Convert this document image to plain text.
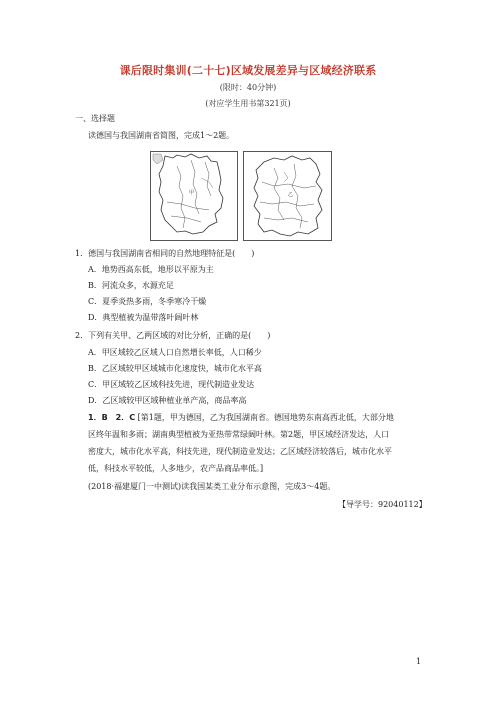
课后限时集训(二十七)区域发展差异与区域经济联系
(限时：40分钟)
(对应学生用书第321页)
一、选择题
读德国与我国湖南省简图，完成1～2题。
甲	乙
1．德国与我国湖南省相同的自然地理特征是(　　)
A．地势西高东低，地形以平原为主
B．河流众多，水源充足
C．夏季炎热多雨，冬季寒冷干燥
D．典型植被为温带落叶阔叶林
2．下列有关甲、乙两区域的对比分析，正确的是(　　)
A．甲区域较乙区域人口自然增长率低，人口稀少
B．乙区域较甲区域城市化速度快，城市化水平高
C．甲区域较乙区域科技先进，现代制造业发达
D．乙区域较甲区域种植业单产高，商品率高
1．B　2．C [第1题，甲为德国，乙为我国湖南省。德国地势东南高西北低，大部分地
区终年温和多雨；湖南典型植被为亚热带常绿阔叶林。第2题，甲区域经济发达，人口
密度大，城市化水平高，科技先进，现代制造业发达；乙区域经济较落后，城市化水平
低，科技水平较低，人多地少，农产品商品率低。]
(2018·福建厦门一中测试)读我国某类工业分布示意图，完成3～4题。
【导学号：92040112】
1
